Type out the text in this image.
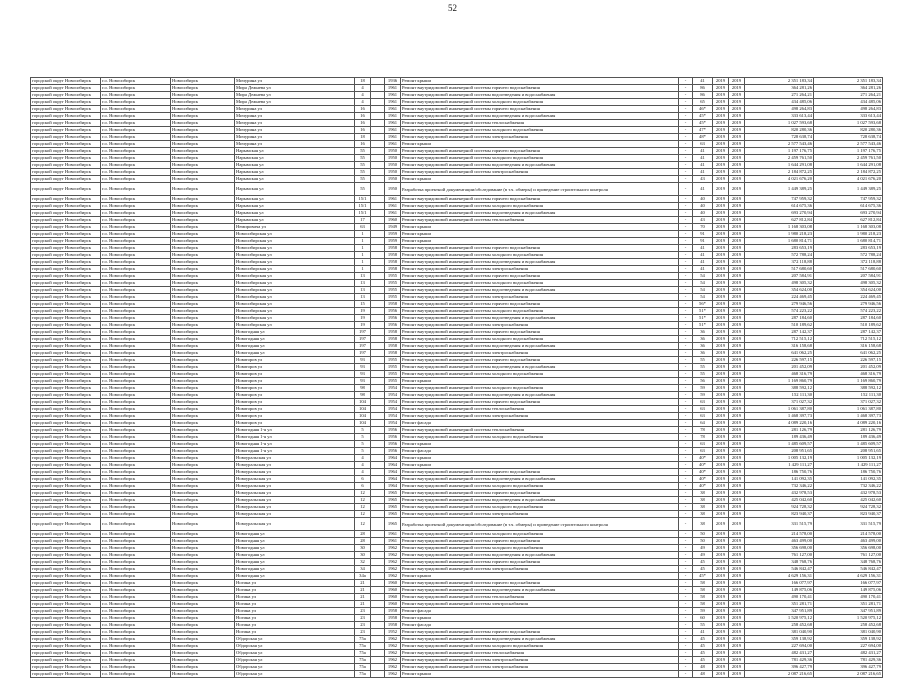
52
городской округ Новосибирск	г.о. Новосибирск	Новосибирск	Мичурина ул	18		1936	Ремонт крыши	-	41	2019	2019	2 351 183,34	2 351 183,34
городской округ Новосибирск	г.о. Новосибирск	Новосибирск	Мира Дежнева ул	4		1961	Ремонт внутридомовой инженерной системы горячего водоснабжения	-	86	2019	2019	364 281,26	364 281,26
городской округ Новосибирск	г.о. Новосибирск	Новосибирск	Мира Дежнева ул	4		1961	Ремонт внутридомовой инженерной системы водоотведения и водоснабжения	-	86	2019	2019	271 264,21	271 264,21
городской округ Новосибирск	г.о. Новосибирск	Новосибирск	Мира Дежнева ул	4		1961	Ремонт внутридомовой инженерной системы холодного водоснабжения	-	65	2019	2019	434 485,06	434 485,06
городской округ Новосибирск	г.о. Новосибирск	Новосибирск	Мичурина ул	16		1961	Ремонт внутридомовой инженерной системы горячего водоснабжения	-	46*	2019	2019	498 264,83	498 264,83
городской округ Новосибирск	г.о. Новосибирск	Новосибирск	Мичурина ул	16		1961	Ремонт внутридомовой инженерной системы водоотведения и водоснабжения	-	45*	2019	2019	333 613,44	333 613,44
городской округ Новосибирск	г.о. Новосибирск	Новосибирск	Мичурина ул	16		1961	Ремонт внутридомовой инженерной системы теплоснабжения	-	45*	2019	2019	1 027 593,68	1 027 593,68
городской округ Новосибирск	г.о. Новосибирск	Новосибирск	Мичурина ул	16		1961	Ремонт внутридомовой инженерной системы холодного водоснабжения	-	47*	2019	2019	820 280,36	820 280,36
городской округ Новосибирск	г.о. Новосибирск	Новосибирск	Мичурина ул	18		1961	Ремонт внутридомовой инженерной системы электроснабжения	-	48*	2019	2019	728 638,74	728 638,74
городской округ Новосибирск	г.о. Новосибирск	Новосибирск	Мичурина ул	16		1961	Ремонт крыши	-	63	2019	2019	2 577 543,46	2 577 543,46
городской округ Новосибирск	г.о. Новосибирск	Новосибирск	Нарымская ул	55		1950	Ремонт внутридомовой инженерной системы горячего водоснабжения	-	41	2019	2019	1 197 176,75	1 197 176,75
городской округ Новосибирск	г.о. Новосибирск	Новосибирск	Нарымская ул	55		1950	Ремонт внутридомовой инженерной системы холодного водоснабжения	-	41	2019	2019	2 459 761,50	2 459 761,50
городской округ Новосибирск	г.о. Новосибирск	Новосибирск	Нарымская ул	55		1950	Ремонт внутридомовой инженерной системы водоотведения и водоснабжения	-	41	2019	2019	1 644 291,08	1 644 291,08
городской округ Новосибирск	г.о. Новосибирск	Новосибирск	Нарымская ул	55		1950	Ремонт внутридомовой инженерной системы электроснабжения	-	41	2019	2019	2 184 872,25	2 184 872,25
городской округ Новосибирск	г.о. Новосибирск	Новосибирск	Нарымская ул	55		1950	Ремонт крыши	-	43	2019	2019	4 021 676,20	4 021 676,20
городской округ Новосибирск	г.о. Новосибирск	Новосибирск	Нарымская ул	55		1950	Разработка проектной документации/обследование (в т.ч. обмеры) и проведение строительного контроля	-	41	2019	2019	1 449 389,25	1 449 389,25
городской округ Новосибирск	г.о. Новосибирск	Новосибирск	Нарымская ул	15/1		1961	Ремонт внутридомовой инженерной системы горячего водоснабжения	-	40	2019	2019	747 959,32	747 959,32
городской округ Новосибирск	г.о. Новосибирск	Новосибирск	Нарымская ул	15/1		1961	Ремонт внутридомовой инженерной системы холодного водоснабжения	-	40	2019	2019	614 675,36	614 675,36
городской округ Новосибирск	г.о. Новосибирск	Новосибирск	Нарымская ул	15/1		1961	Ремонт внутридомовой инженерной системы водоотведения и водоснабжения	-	40	2019	2019	693 270,94	693 270,94
городской округ Новосибирск	г.о. Новосибирск	Новосибирск	Нарымская ул	17		1960	Ремонт внутридомовой инженерной системы теплоснабжения	-	43	2019	2019	627 812,84	627 812,84
городской округ Новосибирск	г.о. Новосибирск	Новосибирск	Немировича ул	63		1949	Ремонт крыши	-	70	2019	2019	1 168 303,08	1 168 303,08
городской округ Новосибирск	г.о. Новосибирск	Новосибирск	Новосибирская ул	1		1959	Ремонт крыши	-	91	2019	2019	1 980 218,23	1 980 218,23
городской округ Новосибирск	г.о. Новосибирск	Новосибирск	Новосибирская ул	1		1959	Ремонт крыши	-	91	2019	2019	1 680 814,71	1 680 814,71
городской округ Новосибирск	г.о. Новосибирск	Новосибирск	Новосибирская ул	1		1958	Ремонт внутридомовой инженерной системы горячего водоснабжения	-	41	2019	2019	283 653,19	283 653,19
городской округ Новосибирск	г.о. Новосибирск	Новосибирск	Новосибирская ул	1		1958	Ремонт внутридомовой инженерной системы холодного водоснабжения	-	41	2019	2019	572 788,24	572 788,24
городской округ Новосибирск	г.о. Новосибирск	Новосибирск	Новосибирская ул	1		1958	Ремонт внутридомовой инженерной системы водоотведения и водоснабжения	-	41	2019	2019	372 118,88	372 118,88
городской округ Новосибирск	г.о. Новосибирск	Новосибирск	Новосибирская ул	1		1958	Ремонт внутридомовой инженерной системы электроснабжения	-	41	2019	2019	517 680,60	517 680,60
городской округ Новосибирск	г.о. Новосибирск	Новосибирск	Новосибирская ул	13		1955	Ремонт внутридомовой инженерной системы горячего водоснабжения	-	54	2019	2019	207 584,91	207 584,91
городской округ Новосибирск	г.о. Новосибирск	Новосибирск	Новосибирская ул	13		1955	Ремонт внутридомовой инженерной системы холодного водоснабжения	-	54	2019	2019	498 305,32	498 305,32
городской округ Новосибирск	г.о. Новосибирск	Новосибирск	Новосибирская ул	13		1955	Ремонт внутридомовой инженерной системы водоотведения и водоснабжения	-	54	2019	2019	354 624,00	354 624,00
городской округ Новосибирск	г.о. Новосибирск	Новосибирск	Новосибирская ул	13		1955	Ремонт внутридомовой инженерной системы электроснабжения	-	54	2019	2019	224 469,45	224 469,45
городской округ Новосибирск	г.о. Новосибирск	Новосибирск	Новосибирская ул	15		1958	Ремонт внутридомовой инженерной системы горячего водоснабжения	-	56*	2019	2019	279 946,56	279 946,56
городской округ Новосибирск	г.о. Новосибирск	Новосибирск	Новосибирская ул	19		1956	Ремонт внутридомовой инженерной системы холодного водоснабжения	-	51*	2019	2019	574 223,22	574 223,22
городской округ Новосибирск	г.о. Новосибирск	Новосибирск	Новосибирская ул	19		1956	Ремонт внутридомовой инженерной системы водоотведения и водоснабжения	-	51*	2019	2019	287 184,60	287 184,60
городской округ Новосибирск	г.о. Новосибирск	Новосибирск	Новосибирская ул	19		1956	Ремонт внутридомовой инженерной системы электроснабжения	-	51*	2019	2019	510 189,62	510 189,62
городской округ Новосибирск	г.о. Новосибирск	Новосибирск	Новогодняя ул	197		1958	Ремонт внутридомовой инженерной системы горячего водоснабжения	-	36	2019	2019	287 142,37	287 142,37
городской округ Новосибирск	г.о. Новосибирск	Новосибирск	Новогодняя ул	197		1958	Ремонт внутридомовой инженерной системы холодного водоснабжения	-	36	2019	2019	712 515,12	712 515,12
городской округ Новосибирск	г.о. Новосибирск	Новосибирск	Новогодняя ул	197		1958	Ремонт внутридомовой инженерной системы водоотведения и водоснабжения	-	36	2019	2019	316 158,68	316 158,68
городской округ Новосибирск	г.о. Новосибирск	Новосибирск	Новогодняя ул	197		1958	Ремонт внутридомовой инженерной системы электроснабжения	-	36	2019	2019	641 062,25	641 062,25
городской округ Новосибирск	г.о. Новосибирск	Новосибирск	Новаторов ул	93		1955	Ремонт внутридомовой инженерной системы горячего водоснабжения	-	55	2019	2019	226 597,15	226 597,15
городской округ Новосибирск	г.о. Новосибирск	Новосибирск	Новаторов ул	93		1955	Ремонт внутридомовой инженерной системы водоотведения и водоснабжения	-	55	2019	2019	201 452,09	201 452,09
городской округ Новосибирск	г.о. Новосибирск	Новосибирск	Новаторов ул	93		1955	Ремонт внутридомовой инженерной системы холодного водоснабжения	-	55	2019	2019	468 316,79	468 316,79
городской округ Новосибирск	г.о. Новосибирск	Новосибирск	Новаторов ул	93		1955	Ремонт крыши	-	56	2019	2019	1 169 860,79	1 169 860,79
городской округ Новосибирск	г.о. Новосибирск	Новосибирск	Новаторов ул	98		1954	Ремонт внутридомовой инженерной системы холодного водоснабжения	-	59	2019	2019	388 592,12	388 592,12
городской округ Новосибирск	г.о. Новосибирск	Новосибирск	Новаторов ул	98		1954	Ремонт внутридомовой инженерной системы водоотведения и водоснабжения	-	59	2019	2019	152 111,30	152 111,30
городской округ Новосибирск	г.о. Новосибирск	Новосибирск	Новаторов ул	104		1954	Ремонт внутридомовой инженерной системы горячего водоснабжения	-	63	2019	2019	371 027,32	371 027,32
городской округ Новосибирск	г.о. Новосибирск	Новосибирск	Новаторов ул	104		1954	Ремонт внутридомовой инженерной системы теплоснабжения	-	63	2019	2019	1 061 387,80	1 061 387,80
городской округ Новосибирск	г.о. Новосибирск	Новосибирск	Новаторов ул	104		1954	Ремонт внутридомовой инженерной системы электроснабжения	-	63	2019	2019	1 468 397,73	1 468 397,73
городской округ Новосибирск	г.о. Новосибирск	Новосибирск	Новаторов ул	104		1954	Ремонт фасада	-	64	2019	2019	4 089 220,16	4 089 220,16
городской округ Новосибирск	г.о. Новосибирск	Новосибирск	Новогодняя 1-я ул	5		1956	Ремонт внутридомовой инженерной системы теплоснабжения	-	78	2019	2019	281 126,79	281 126,79
городской округ Новосибирск	г.о. Новосибирск	Новосибирск	Новогодняя 1-я ул	5		1956	Ремонт внутридомовой инженерной системы холодного водоснабжения	-	78	2019	2019	189 436,49	189 436,49
городской округ Новосибирск	г.о. Новосибирск	Новосибирск	Новогодняя 1-я ул	5		1956	Ремонт крыши	-	63	2019	2019	1 485 609,57	1 485 609,57
городской округ Новосибирск	г.о. Новосибирск	Новосибирск	Новогодняя 1-я ул	5		1956	Ремонт фасада	-	63	2019	2019	208 951,65	208 951,65
городской округ Новосибирск	г.о. Новосибирск	Новосибирск	Новоуральская ул	4		1964	Ремонт крыши	-	40*	2019	2019	1 005 132,19	1 005 132,19
городской округ Новосибирск	г.о. Новосибирск	Новосибирск	Новоуральская ул	4		1964	Ремонт крыши	-	40*	2019	2019	1 429 111,27	1 429 111,27
городской округ Новосибирск	г.о. Новосибирск	Новосибирск	Новоуральская ул	4		1964	Ремонт внутридомовой инженерной системы горячего водоснабжения	-	40*	2019	2019	186 750,76	186 750,76
городской округ Новосибирск	г.о. Новосибирск	Новосибирск	Новоуральская ул	6		1964	Ремонт внутридомовой инженерной системы водоотведения и водоснабжения	-	40*	2019	2019	141 092,35	141 092,35
городской округ Новосибирск	г.о. Новосибирск	Новосибирск	Новоуральская ул	6		1964	Ремонт внутридомовой инженерной системы холодного водоснабжения	-	40*	2019	2019	732 346,22	732 346,22
городской округ Новосибирск	г.о. Новосибирск	Новосибирск	Новоуральская ул	12		1965	Ремонт внутридомовой инженерной системы горячего водоснабжения	-	38	2019	2019	432 978,53	432 978,53
городской округ Новосибирск	г.о. Новосибирск	Новосибирск	Новоуральская ул	12		1965	Ремонт внутридомовой инженерной системы водоотведения и водоснабжения	-	38	2019	2019	425 042,60	425 042,60
городской округ Новосибирск	г.о. Новосибирск	Новосибирск	Новоуральская ул	12		1965	Ремонт внутридомовой инженерной системы холодного водоснабжения	-	38	2019	2019	924 728,32	924 728,32
городской округ Новосибирск	г.о. Новосибирск	Новосибирск	Новоуральская ул	12		1965	Ремонт внутридомовой инженерной системы электроснабжения	-	38	2019	2019	823 940,37	823 940,37
городской округ Новосибирск	г.о. Новосибирск	Новосибирск	Новоуральская ул	12		1965	Разработка проектной документации/обследование (в т.ч. обмеры) и проведение строительного контроля	-	38	2019	2019	331 515,79	331 515,79
городской округ Новосибирск	г.о. Новосибирск	Новосибирск	Новогодняя ул	28		1961	Ремонт внутридомовой инженерной системы холодного водоснабжения	-	50	2019	2019	214 578,00	214 578,00
городской округ Новосибирск	г.о. Новосибирск	Новосибирск	Новогодняя ул	28		1961	Ремонт внутридомовой инженерной системы горячего водоснабжения	-	50	2019	2019	463 499,00	463 499,00
городской округ Новосибирск	г.о. Новосибирск	Новосибирск	Новогодняя ул	30		1962	Ремонт внутридомовой инженерной системы холодного водоснабжения	-	49	2019	2019	356 698,00	356 698,00
городской округ Новосибирск	г.о. Новосибирск	Новосибирск	Новогодняя ул	30		1962	Ремонт внутридомовой инженерной системы водоотведения и водоснабжения	-	49	2019	2019	761 127,00	761 127,00
городской округ Новосибирск	г.о. Новосибирск	Новосибирск	Новогодняя ул	32		1962	Ремонт внутридомовой инженерной системы горячего водоснабжения	-	45	2019	2019	348 768,76	348 768,76
городской округ Новосибирск	г.о. Новосибирск	Новосибирск	Новогодняя ул	34		1962	Ремонт внутридомовой инженерной системы электроснабжения	-	45	2019	2019	546 842,47	546 842,47
городской округ Новосибирск	г.о. Новосибирск	Новосибирск	Новогодняя ул	34а		1962	Ремонт крыши	-	45*	2019	2019	4 629 156,31	4 629 156,31
городской округ Новосибирск	г.о. Новосибирск	Новосибирск	Ногина ул	21		1960	Ремонт внутридомовой инженерной системы горячего водоснабжения	-	58	2019	2019	166 077,97	166 077,97
городской округ Новосибирск	г.о. Новосибирск	Новосибирск	Ногина ул	21		1960	Ремонт внутридомовой инженерной системы водоотведения и водоснабжения	-	58	2019	2019	149 875,06	149 875,06
городской округ Новосибирск	г.о. Новосибирск	Новосибирск	Ногина ул	21		1960	Ремонт внутридомовой инженерной системы теплоснабжения	-	58	2019	2019	490 170,41	490 170,41
городской округ Новосибирск	г.о. Новосибирск	Новосибирск	Ногина ул	21		1960	Ремонт внутридомовой инженерной системы электроснабжения	-	58	2019	2019	351 281,71	351 281,71
городской округ Новосибирск	г.о. Новосибирск	Новосибирск	Ногина ул	23		1958	Ремонт фасада	-	59	2019	2019	347 951,89	347 951,89
городской округ Новосибирск	г.о. Новосибирск	Новосибирск	Ногина ул	23		1958	Ремонт крыши	-	60	2019	2019	1 520 975,12	1 520 975,12
городской округ Новосибирск	г.о. Новосибирск	Новосибирск	Ногина ул	23		1958	Ремонт фасада	-	55	2019	2019	258 452,68	258 452,68
городской округ Новосибирск	г.о. Новосибирск	Новосибирск	Ногина ул	23		1952	Ремонт внутридомовой инженерной системы горячего водоснабжения	-	41	2019	2019	381 040,90	381 040,90
городской округ Новосибирск	г.о. Новосибирск	Новосибирск	Обдорская ул	75а		1962	Ремонт внутридомовой инженерной системы водоотведения и водоснабжения	-	45	2019	2019	359 138,92	359 138,92
городской округ Новосибирск	г.о. Новосибирск	Новосибирск	Обдорская ул	75а		1962	Ремонт внутридомовой инженерной системы холодного водоснабжения	-	45	2019	2019	227 694,00	227 694,00
городской округ Новосибирск	г.о. Новосибирск	Новосибирск	Обдорская ул	75а		1962	Ремонт внутридомовой инженерной системы теплоснабжения	-	45	2019	2019	482 431,27	482 431,27
городской округ Новосибирск	г.о. Новосибирск	Новосибирск	Обдорская ул	75а		1962	Ремонт внутридомовой инженерной системы электроснабжения	-	45	2019	2019	781 429,36	781 429,36
городской округ Новосибирск	г.о. Новосибирск	Новосибирск	Обдорская ул	75а		1962	Ремонт внутридомовой инженерной системы электроснабжения	-	48	2019	2019	396 427,79	396 427,79
городской округ Новосибирск	г.о. Новосибирск	Новосибирск	Обдорская ул	75а		1962	Ремонт крыши	-	48	2019	2019	2 087 216,65	2 087 216,65
